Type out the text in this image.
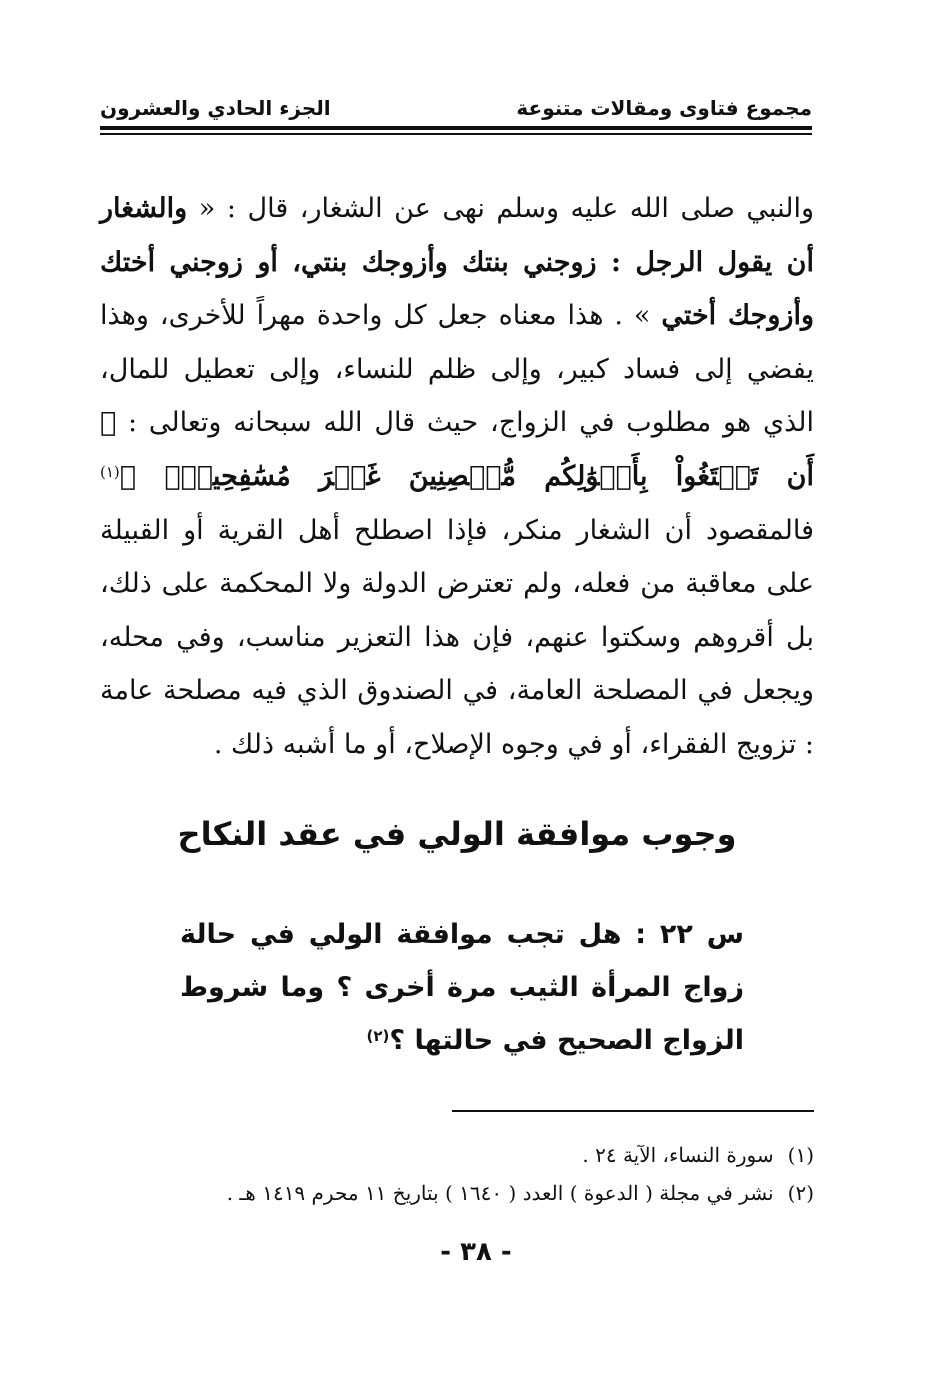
مجموع فتاوى ومقالات متنوعة
الجزء الحادي والعشرون
والنبي صلى الله عليه وسلم نهى عن الشغار، قال : « والشغار أن يقول الرجل : زوجني بنتك وأزوجك بنتي، أو زوجني أختك وأزوجك أختي » . هذا معناه جعل كل واحدة مهراً للأخرى، وهذا يفضي إلى فساد كبير، وإلى ظلم للنساء، وإلى تعطيل للمال، الذي هو مطلوب في الزواج، حيث قال الله سبحانه وتعالى : ﴿ أَن تَبۡتَغُواْ بِأَمۡوَٰلِكُم مُّحۡصِنِينَ غَيۡرَ مُسَٰفِحِينَۚ ﴾$^{(١)}$ فالمقصود أن الشغار منكر، فإذا اصطلح أهل القرية أو القبيلة على معاقبة من فعله، ولم تعترض الدولة ولا المحكمة على ذلك، بل أقروهم وسكتوا عنهم، فإن هذا التعزير مناسب، وفي محله، ويجعل في المصلحة العامة، في الصندوق الذي فيه مصلحة عامة : تزويج الفقراء، أو في وجوه الإصلاح، أو ما أشبه ذلك .
وجوب موافقة الولي في عقد النكاح
س ٢٢ : هل تجب موافقة الولي في حالة زواج المرأة الثيب مرة أخرى ؟ وما شروط الزواج الصحيح في حالتها ؟$^{(٢)}$
(١)سورة النساء، الآية ٢٤ .
(٢)نشر في مجلة ( الدعوة ) العدد ( ١٦٤٠ ) بتاريخ ١١ محرم ١٤١٩ هـ .
- ٣٨ -
